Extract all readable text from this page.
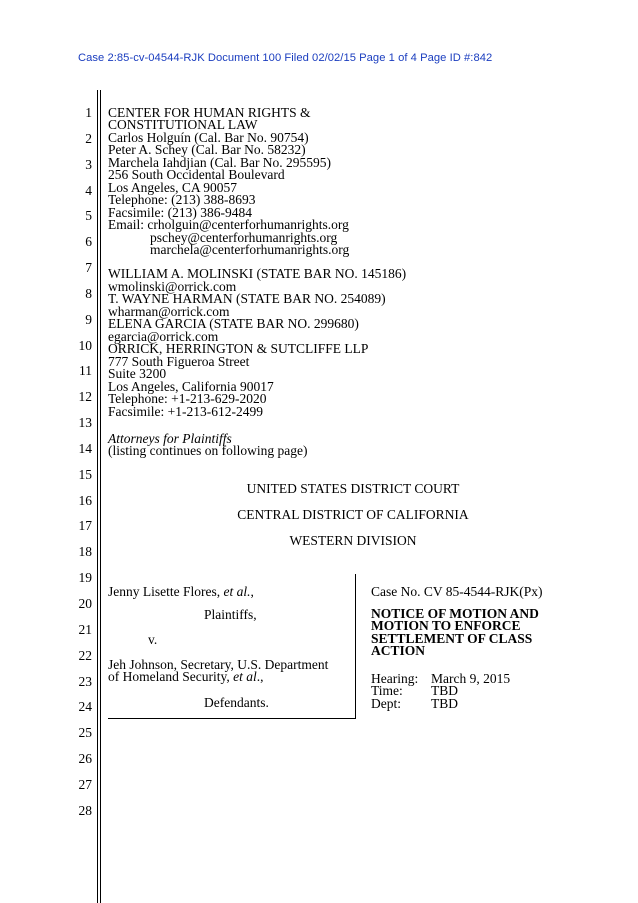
Case 2:85-cv-04544-RJK Document 100 Filed 02/02/15 Page 1 of 4 Page ID #:842
1
2
3
4
5
6
7
8
9
10
11
12
13
14
15
16
17
18
19
20
21
22
23
24
25
26
27
28
CENTER FOR HUMAN RIGHTS &
CONSTITUTIONAL LAW
Carlos Holguín (Cal. Bar No. 90754)
Peter A. Schey (Cal. Bar No. 58232)
Marchela Iahdjian (Cal. Bar No. 295595)
256 South Occidental Boulevard
Los Angeles, CA 90057
Telephone: (213) 388-8693
Facsimile: (213) 386-9484
Email: crholguin@centerforhumanrights.org
pschey@centerforhumanrights.org
marchela@centerforhumanrights.org
WILLIAM A. MOLINSKI (STATE BAR NO. 145186)
wmolinski@orrick.com
T. WAYNE HARMAN (STATE BAR NO. 254089)
wharman@orrick.com
ELENA GARCIA (STATE BAR NO. 299680)
egarcia@orrick.com
ORRICK, HERRINGTON & SUTCLIFFE LLP
777 South Figueroa Street
Suite 3200
Los Angeles, California 90017
Telephone: +1-213-629-2020
Facsimile: +1-213-612-2499
Attorneys for Plaintiffs
(listing continues on following page)
UNITED STATES DISTRICT COURT
CENTRAL DISTRICT OF CALIFORNIA
WESTERN DIVISION
Jenny Lisette Flores, et al.,
Plaintiffs,
v.
Jeh Johnson, Secretary, U.S. Department
of Homeland Security, et al.,
Defendants.
Case No. CV 85-4544-RJK(Px)
NOTICE OF MOTION AND
MOTION TO ENFORCE
SETTLEMENT OF CLASS
ACTION
Hearing: March 9, 2015
Time: TBD
Dept: TBD
